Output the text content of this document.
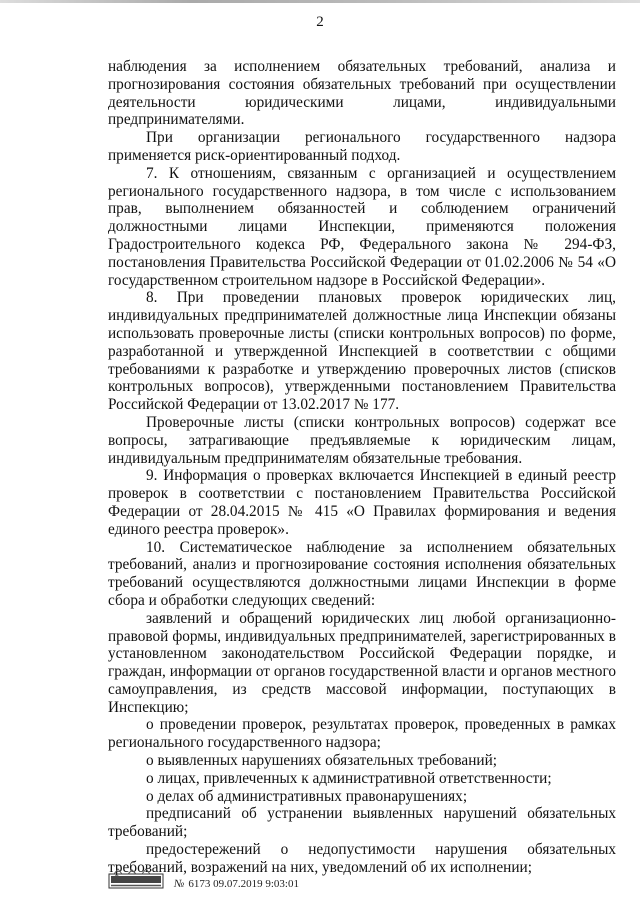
2

наблюдения за исполнением обязательных требований, анализа и прогнозирования состояния обязательных требований при осуществлении деятельности юридическими лицами, индивидуальными предпринимателями.

При организации регионального государственного надзора применяется риск-ориентированный подход.

7. К отношениям, связанным с организацией и осуществлением регионального государственного надзора, в том числе с использованием прав, выполнением обязанностей и соблюдением ограничений должностными лицами Инспекции, применяются положения Градостроительного кодекса РФ, Федерального закона № 294-ФЗ, постановления Правительства Российской Федерации от 01.02.2006 № 54 «О государственном строительном надзоре в Российской Федерации».

8. При проведении плановых проверок юридических лиц, индивидуальных предпринимателей должностные лица Инспекции обязаны использовать проверочные листы (списки контрольных вопросов) по форме, разработанной и утвержденной Инспекцией в соответствии с общими требованиями к разработке и утверждению проверочных листов (списков контрольных вопросов), утвержденными постановлением Правительства Российской Федерации от 13.02.2017 № 177.

Проверочные листы (списки контрольных вопросов) содержат все вопросы, затрагивающие предъявляемые к юридическим лицам, индивидуальным предпринимателям обязательные требования.

9. Информация о проверках включается Инспекцией в единый реестр проверок в соответствии с постановлением Правительства Российской Федерации от 28.04.2015 № 415 «О Правилах формирования и ведения единого реестра проверок».

10. Систематическое наблюдение за исполнением обязательных требований, анализ и прогнозирование состояния исполнения обязательных требований осуществляются должностными лицами Инспекции в форме сбора и обработки следующих сведений:

заявлений и обращений юридических лиц любой организационно-правовой формы, индивидуальных предпринимателей, зарегистрированных в установленном законодательством Российской Федерации порядке, и граждан, информации от органов государственной власти и органов местного самоуправления, из средств массовой информации, поступающих в Инспекцию;

о проведении проверок, результатах проверок, проведенных в рамках регионального государственного надзора;

о выявленных нарушениях обязательных требований;

о лицах, привлеченных к административной ответственности;

о делах об административных правонарушениях;

предписаний об устранении выявленных нарушений обязательных требований;

предостережений о недопустимости нарушения обязательных требований, возражений на них, уведомлений об их исполнении;

№ 6173 09.07.2019 9:03:01
